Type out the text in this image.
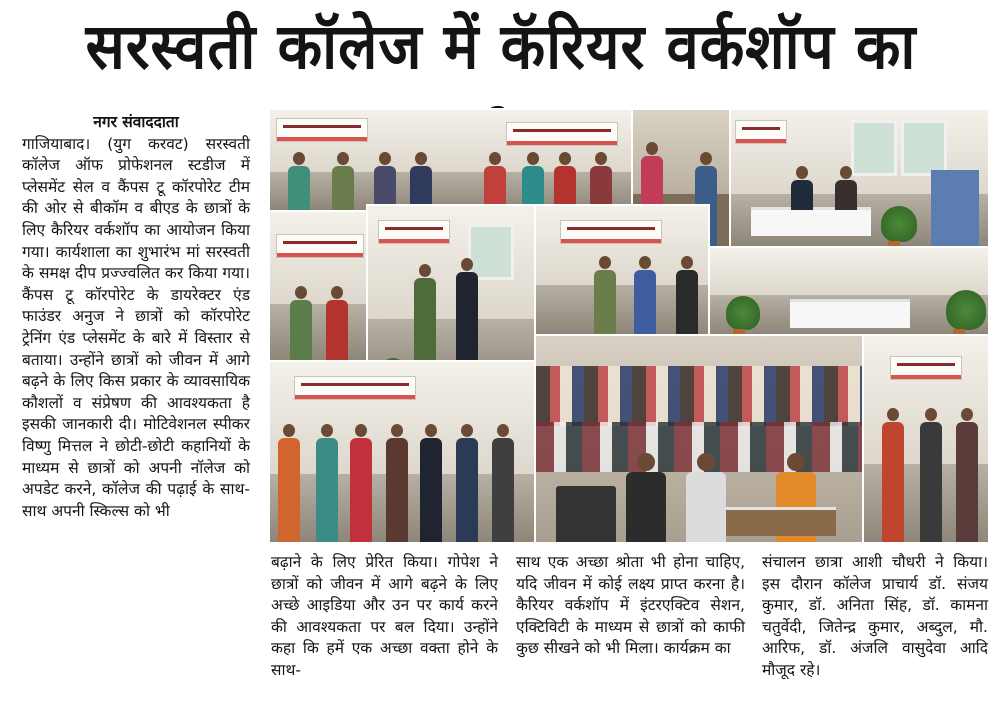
सरस्वती कॉलेज में कॅरियर वर्कशॉप का

नगर संवाददाता

गाजियाबाद। (युग करवट) सरस्वती कॉलेज ऑफ प्रोफेशनल स्टडीज में प्लेसमेंट सेल व कैंपस टू कॉरपोरेट टीम की ओर से बीकॉम व बीएड के छात्रों के लिए कैरियर वर्कशॉप का आयोजन किया गया। कार्यशाला का शुभारंभ मां सरस्वती के समक्ष दीप प्रज्ज्वलित कर किया गया। कैंपस टू कॉरपोरेट के डायरेक्टर एंड फाउंडर अनुज ने छात्रों को कॉरपोरेट ट्रेनिंग एंड प्लेसमेंट के बारे में विस्तार से बताया। उन्होंने छात्रों को जीवन में आगे बढ़ने के लिए किस प्रकार के व्यावसायिक कौशलों व संप्रेषण की आवश्यकता है इसकी जानकारी दी। मोटिवेशनल स्पीकर विष्णु मित्तल ने छोटी-छोटी कहानियों के माध्यम से छात्रों को अपनी नॉलेज को अपडेट करने, कॉलेज की पढ़ाई के साथ-साथ अपनी स्किल्स को भी

बढ़ाने के लिए प्रेरित किया। गोपेश ने छात्रों को जीवन में आगे बढ़ने के लिए अच्छे आइडिया और उन पर कार्य करने की आवश्यकता पर बल दिया। उन्होंने कहा कि हमें एक अच्छा वक्ता होने के साथ-

साथ एक अच्छा श्रोता भी होना चाहिए, यदि जीवन में कोई लक्ष्य प्राप्त करना है। कैरियर वर्कशॉप में इंटरएक्टिव सेशन, एक्टिविटी के माध्यम से छात्रों को काफी कुछ सीखने को भी मिला। कार्यक्रम का

संचालन छात्रा आशी चौधरी ने किया। इस दौरान कॉलेज प्राचार्य डॉ. संजय कुमार, डॉ. अनिता सिंह, डॉ. कामना चतुर्वेदी, जितेन्द्र कुमार, अब्दुल, मौ. आरिफ, डॉ. अंजलि वासुदेवा आदि मौजूद रहे।
